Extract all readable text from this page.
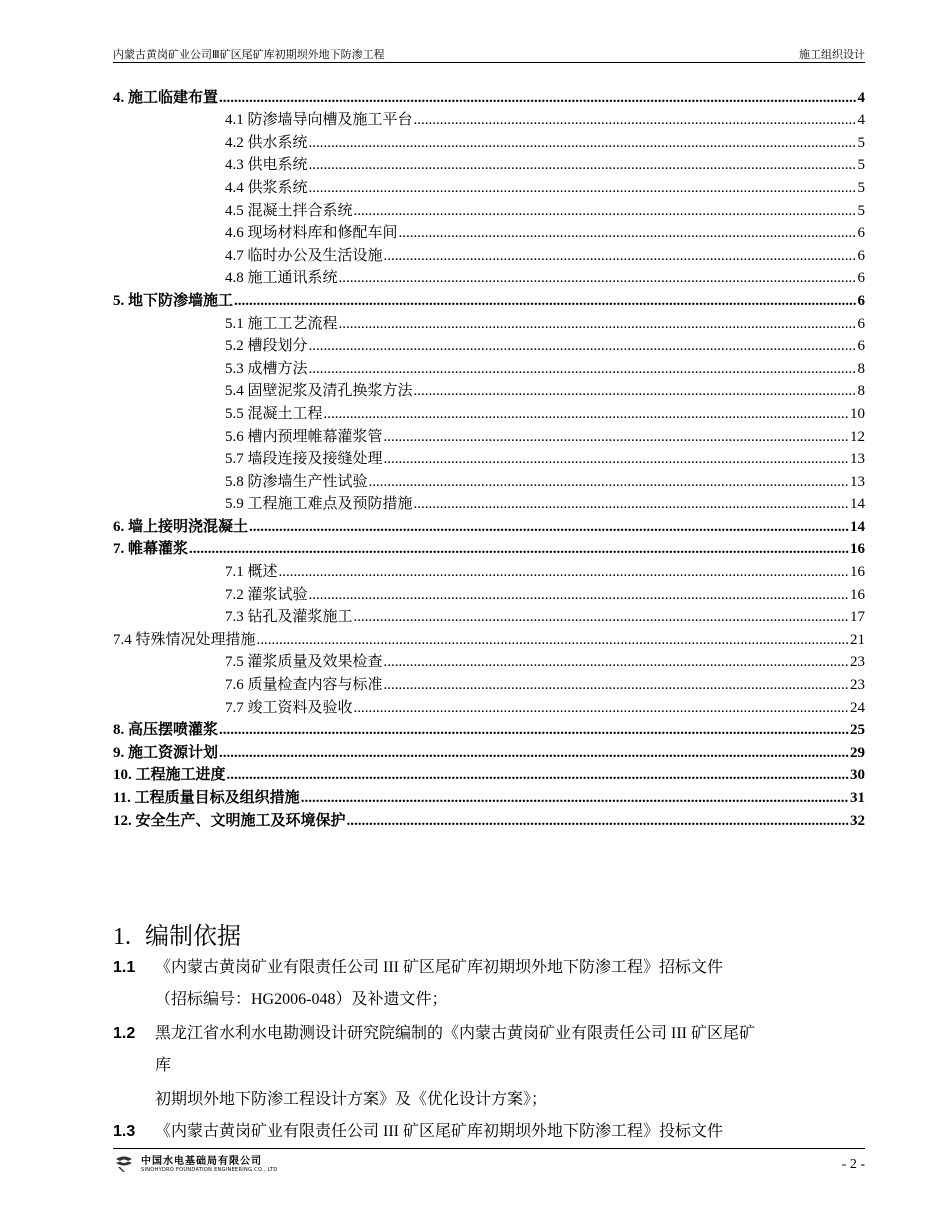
内蒙古黄岗矿业公司Ⅲ矿区尾矿库初期坝外地下防渗工程	施工组织设计
4. 施工临建布置 .....	4
4.1 防渗墙导向槽及施工平台 .....	4
4.2 供水系统 .....	5
4.3 供电系统 .....	5
4.4 供浆系统 .....	5
4.5 混凝土拌合系统 .....	5
4.6 现场材料库和修配车间 .....	6
4.7 临时办公及生活设施 .....	6
4.8 施工通讯系统 .....	6
5. 地下防渗墙施工 .....	6
5.1 施工工艺流程 .....	6
5.2 槽段划分 .....	6
5.3 成槽方法 .....	8
5.4 固壁泥浆及清孔换浆方法 .....	8
5.5 混凝土工程 .....	10
5.6 槽内预埋帷幕灌浆管 .....	12
5.7 墙段连接及接缝处理 .....	13
5.8 防渗墙生产性试验 .....	13
5.9 工程施工难点及预防措施 .....	14
6. 墙上接明浇混凝土 .....	14
7. 帷幕灌浆 .....	16
7.1 概述 .....	16
7.2 灌浆试验 .....	16
7.3 钻孔及灌浆施工 .....	17
7.4 特殊情况处理措施 .....	21
7.5 灌浆质量及效果检查 .....	23
7.6 质量检查内容与标准 .....	23
7.7 竣工资料及验收 .....	24
8. 高压摆喷灌浆 .....	25
9. 施工资源计划 .....	29
10. 工程施工进度 .....	30
11. 工程质量目标及组织措施 .....	31
12. 安全生产、文明施工及环境保护 .....	32
1. 编制依据
1.1 《内蒙古黄岗矿业有限责任公司 III 矿区尾矿库初期坝外地下防渗工程》招标文件
（招标编号：HG2006-048）及补遗文件；
1.2 黑龙江省水利水电勘测设计研究院编制的《内蒙古黄岗矿业有限责任公司 III 矿区尾矿
库
初期坝外地下防渗工程设计方案》及《优化设计方案》；
1.3 《内蒙古黄岗矿业有限责任公司 III 矿区尾矿库初期坝外地下防渗工程》投标文件
中国水电基础局有限公司
SINOHYDRO FOUNDATION ENGINEERING CO., LTD	- 2 -
